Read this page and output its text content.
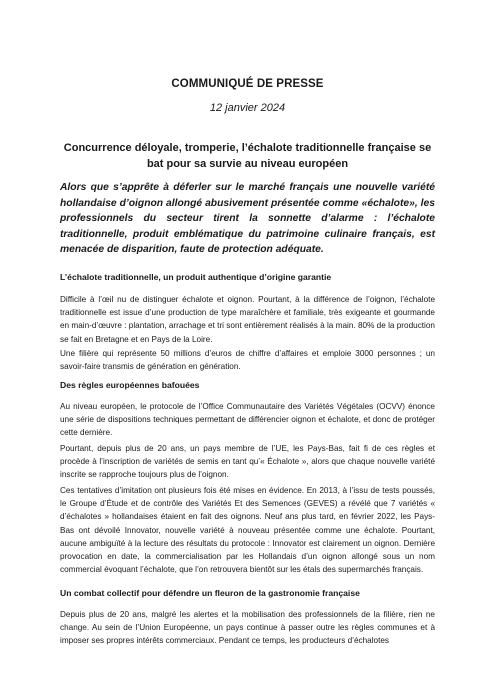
COMMUNIQUÉ DE PRESSE
12 janvier 2024
Concurrence déloyale, tromperie, l’échalote traditionnelle française se bat pour sa survie au niveau européen
Alors que s’apprête à déferler sur le marché français une nouvelle variété hollandaise d’oignon allongé abusivement présentée comme «échalote», les professionnels du secteur tirent la sonnette d’alarme : l’échalote traditionnelle, produit emblématique du patrimoine culinaire français, est menacée de disparition, faute de protection adéquate.
L’échalote traditionnelle, un produit authentique d’origine garantie
Difficile à l’œil nu de distinguer échalote et oignon. Pourtant, à la différence de l’oignon, l’échalote traditionnelle est issue d’une production de type maraîchère et familiale, très exigeante et gourmande en main-d’œuvre : plantation, arrachage et tri sont entièrement réalisés à la main. 80% de la production se fait en Bretagne et en Pays de la Loire.
Une filière qui représente 50 millions d’euros de chiffre d’affaires et emploie 3000 personnes ; un savoir-faire transmis de génération en génération.
Des règles européennes bafouées
Au niveau européen, le protocole de l’Office Communautaire des Variétés Végétales (OCVV) énonce une série de dispositions techniques permettant de différencier oignon et échalote, et donc de protéger cette dernière.
Pourtant, depuis plus de 20 ans, un pays membre de l’UE, les Pays-Bas, fait fi de ces règles et procède à l’inscription de variétés de semis en tant qu’« Échalote », alors que chaque nouvelle variété inscrite se rapproche toujours plus de l’oignon.
Ces tentatives d’imitation ont plusieurs fois été mises en évidence. En 2013, à l’issu de tests poussés, le Groupe d’Étude et de contrôle des Variétés Et des Semences (GEVES) a révélé que 7 variétés « d’échalotes » hollandaises étaient en fait des oignons. Neuf ans plus tard, en février 2022, les Pays-Bas ont dévoilé Innovator, nouvelle variété à nouveau présentée comme une échalote. Pourtant, aucune ambiguïté à la lecture des résultats du protocole : Innovator est clairement un oignon. Dernière provocation en date, la commercialisation par les Hollandais d’un oignon allongé sous un nom commercial évoquant l’échalote, que l’on retrouvera bientôt sur les étals des supermarchés français.
Un combat collectif pour défendre un fleuron de la gastronomie française
Depuis plus de 20 ans, malgré les alertes et la mobilisation des professionnels de la filière, rien ne change. Au sein de l’Union Européenne, un pays continue à passer outre les règles communes et à imposer ses propres intérêts commerciaux. Pendant ce temps, les producteurs d’échalotes
